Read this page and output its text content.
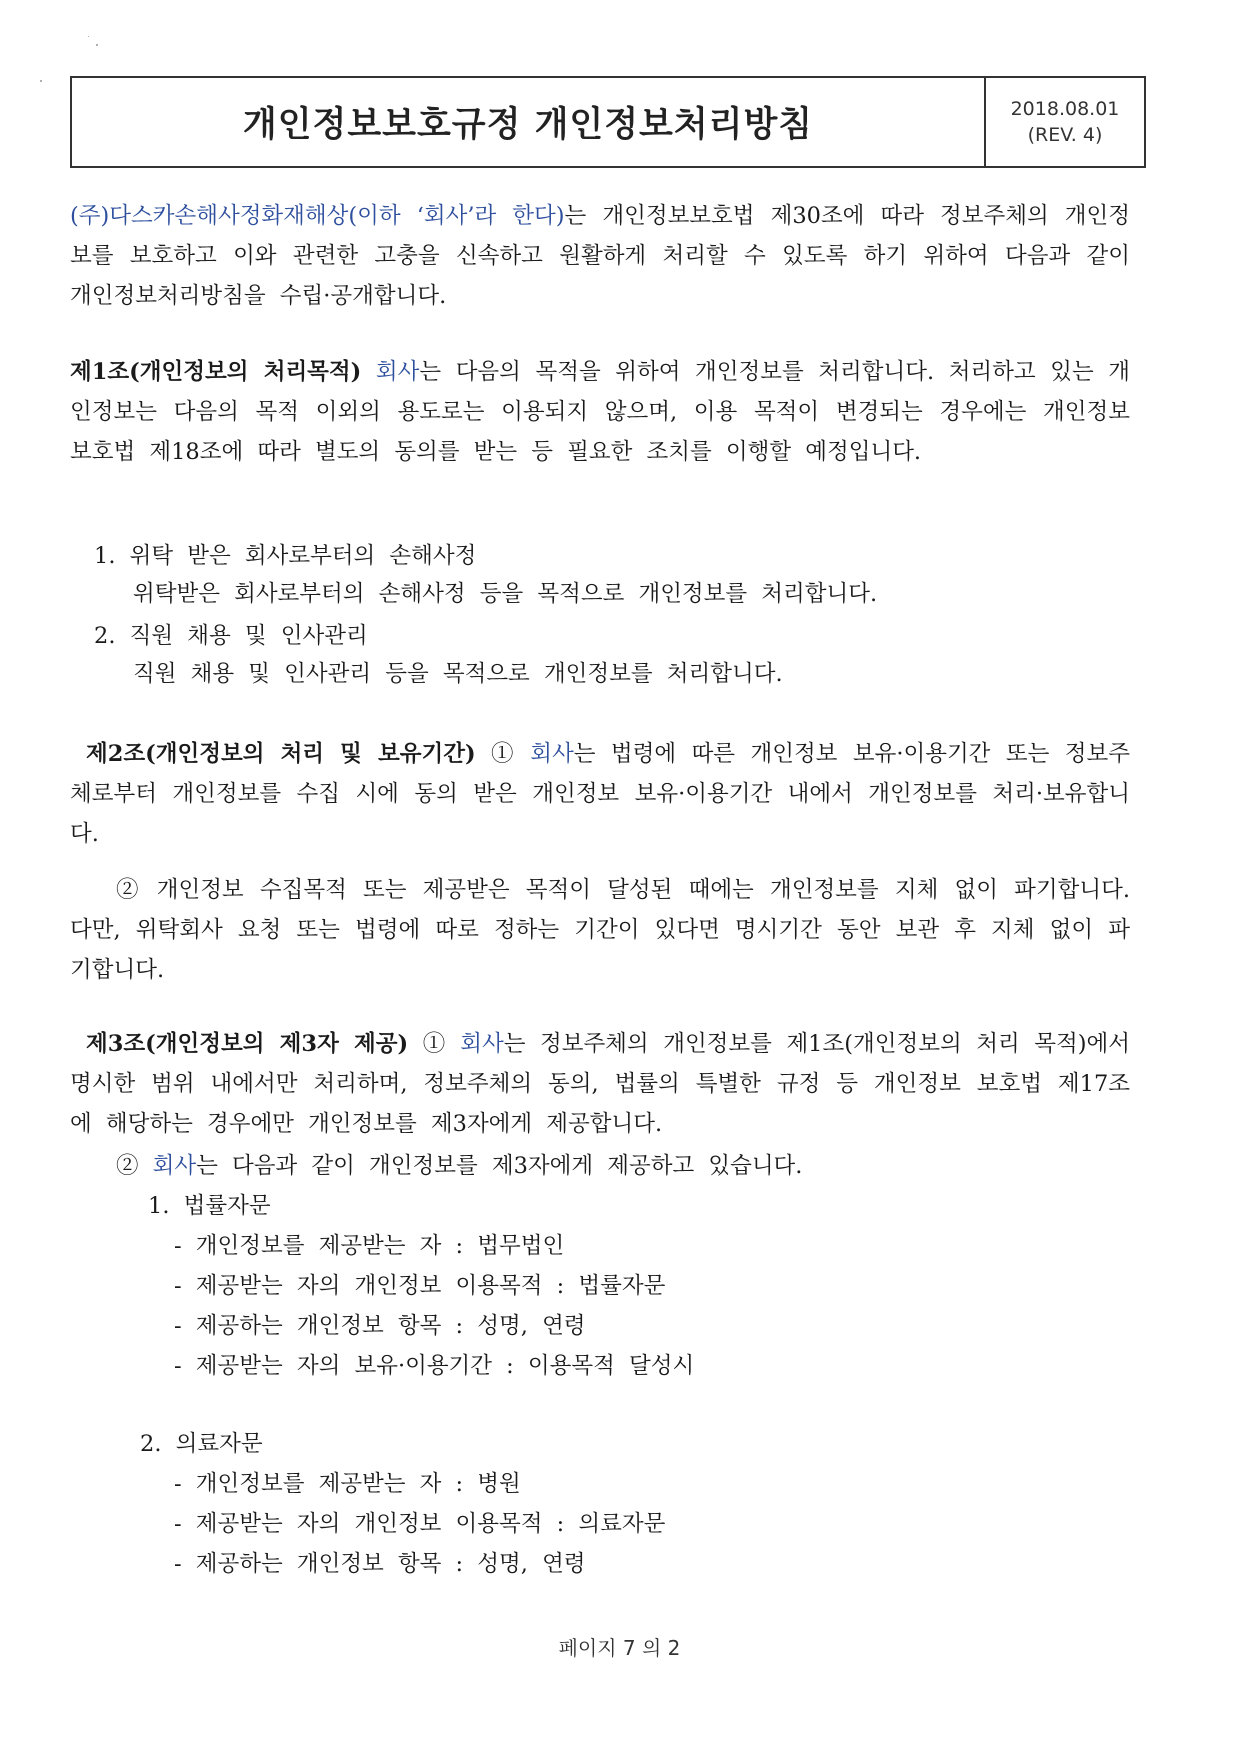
개인정보보호규정 개인정보처리방침	2018.08.01
(REV. 4)
(주)다스카손해사정화재해상(이하 ‘회사’라 한다)는 개인정보보호법 제30조에 따라 정보주체의 개인정보를 보호하고 이와 관련한 고충을 신속하고 원활하게 처리할 수 있도록 하기 위하여 다음과 같이 개인정보처리방침을 수립·공개합니다.
제1조(개인정보의 처리목적) 회사는 다음의 목적을 위하여 개인정보를 처리합니다. 처리하고 있는 개인정보는 다음의 목적 이외의 용도로는 이용되지 않으며, 이용 목적이 변경되는 경우에는 개인정보 보호법 제18조에 따라 별도의 동의를 받는 등 필요한 조치를 이행할 예정입니다.
1. 위탁 받은 회사로부터의 손해사정
위탁받은 회사로부터의 손해사정 등을 목적으로 개인정보를 처리합니다.
2. 직원 채용 및 인사관리
직원 채용 및 인사관리 등을 목적으로 개인정보를 처리합니다.
제2조(개인정보의 처리 및 보유기간) ① 회사는 법령에 따른 개인정보 보유·이용기간 또는 정보주체로부터 개인정보를 수집 시에 동의 받은 개인정보 보유·이용기간 내에서 개인정보를 처리·보유합니다.
② 개인정보 수집목적 또는 제공받은 목적이 달성된 때에는 개인정보를 지체 없이 파기합니다. 다만, 위탁회사 요청 또는 법령에 따로 정하는 기간이 있다면 명시기간 동안 보관 후 지체 없이 파기합니다.
제3조(개인정보의 제3자 제공) ① 회사는 정보주체의 개인정보를 제1조(개인정보의 처리 목적)에서 명시한 범위 내에서만 처리하며, 정보주체의 동의, 법률의 특별한 규정 등 개인정보 보호법 제17조에 해당하는 경우에만 개인정보를 제3자에게 제공합니다.
② 회사는 다음과 같이 개인정보를 제3자에게 제공하고 있습니다.
1. 법률자문
- 개인정보를 제공받는 자 : 법무법인
- 제공받는 자의 개인정보 이용목적 : 법률자문
- 제공하는 개인정보 항목 : 성명, 연령
- 제공받는 자의 보유·이용기간 : 이용목적 달성시
2. 의료자문
- 개인정보를 제공받는 자 : 병원
- 제공받는 자의 개인정보 이용목적 : 의료자문
- 제공하는 개인정보 항목 : 성명, 연령
페이지 7 의 2
